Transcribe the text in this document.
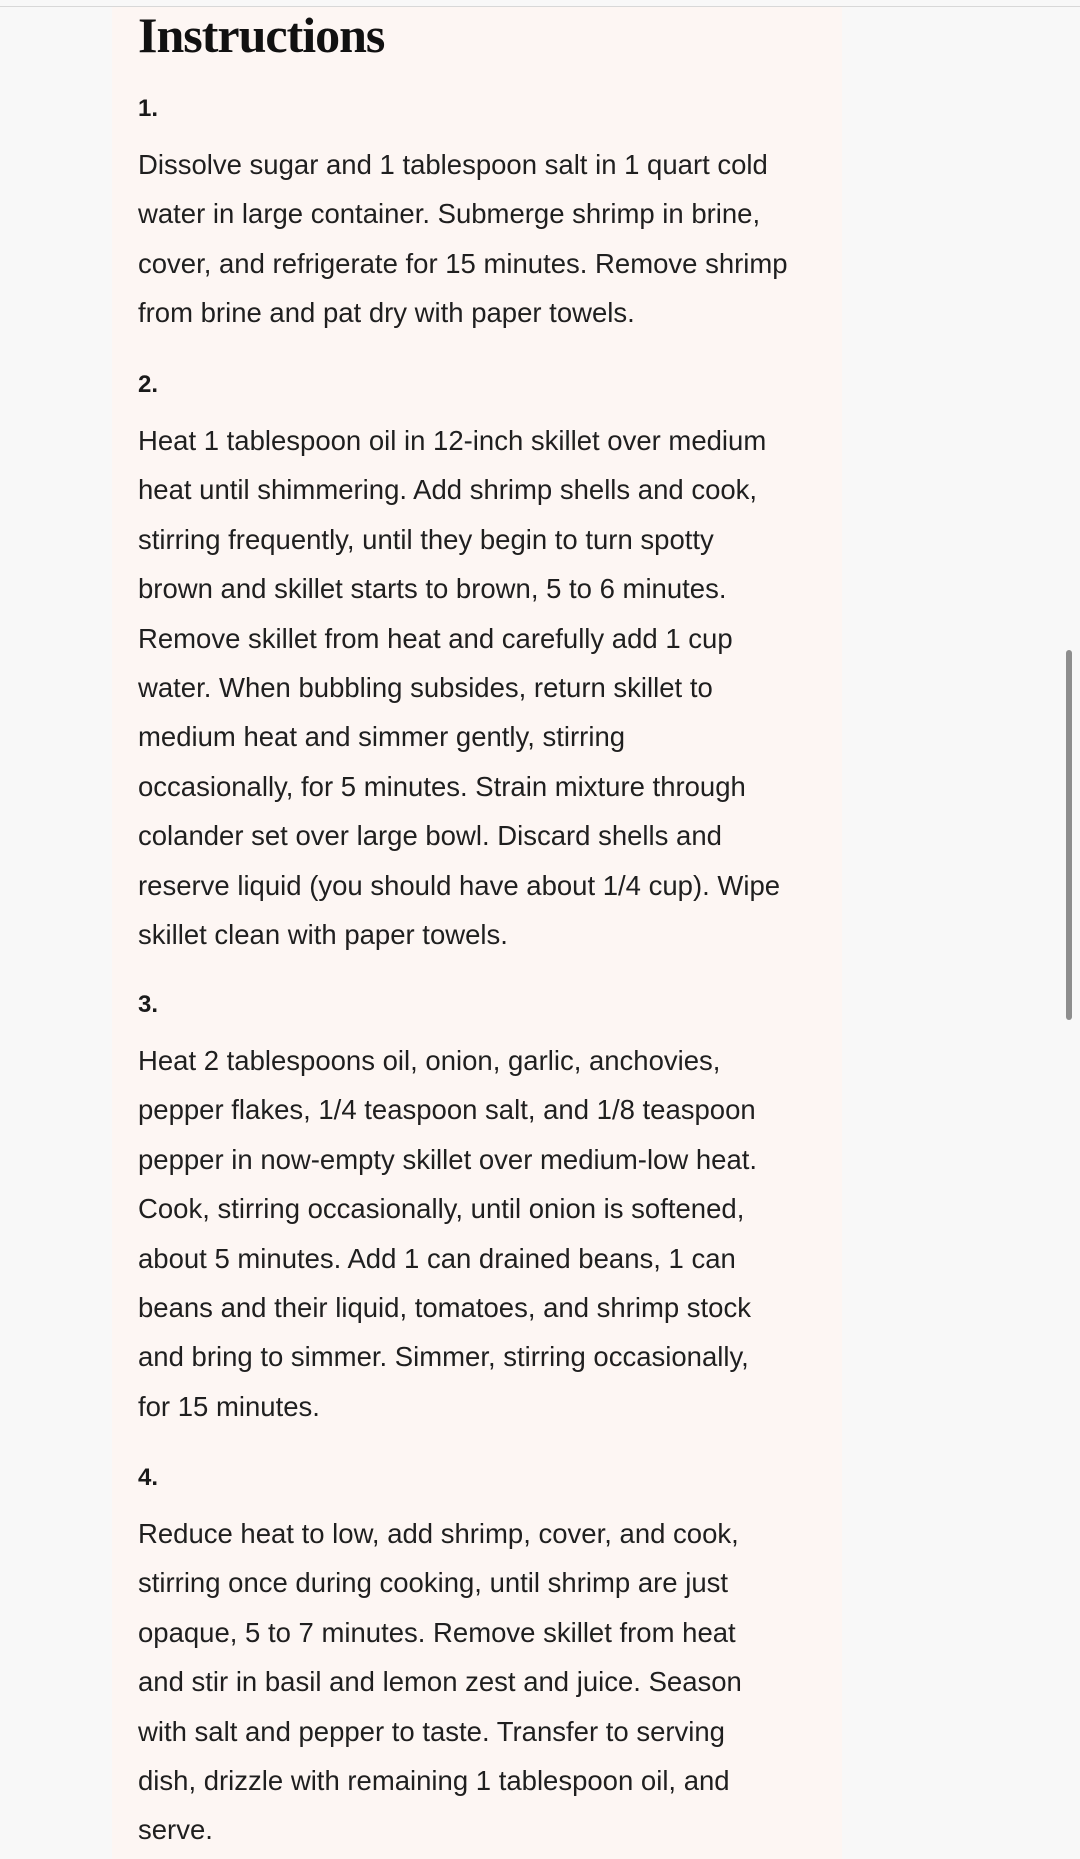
Instructions
1.
Dissolve sugar and 1 tablespoon salt in 1 quart cold
water in large container. Submerge shrimp in brine,
cover, and refrigerate for 15 minutes. Remove shrimp
from brine and pat dry with paper towels.
2.
Heat 1 tablespoon oil in 12-inch skillet over medium
heat until shimmering. Add shrimp shells and cook,
stirring frequently, until they begin to turn spotty
brown and skillet starts to brown, 5 to 6 minutes.
Remove skillet from heat and carefully add 1 cup
water. When bubbling subsides, return skillet to
medium heat and simmer gently, stirring
occasionally, for 5 minutes. Strain mixture through
colander set over large bowl. Discard shells and
reserve liquid (you should have about 1/4 cup). Wipe
skillet clean with paper towels.
3.
Heat 2 tablespoons oil, onion, garlic, anchovies,
pepper flakes, 1/4 teaspoon salt, and 1/8 teaspoon
pepper in now-empty skillet over medium-low heat.
Cook, stirring occasionally, until onion is softened,
about 5 minutes. Add 1 can drained beans, 1 can
beans and their liquid, tomatoes, and shrimp stock
and bring to simmer. Simmer, stirring occasionally,
for 15 minutes.
4.
Reduce heat to low, add shrimp, cover, and cook,
stirring once during cooking, until shrimp are just
opaque, 5 to 7 minutes. Remove skillet from heat
and stir in basil and lemon zest and juice. Season
with salt and pepper to taste. Transfer to serving
dish, drizzle with remaining 1 tablespoon oil, and
serve.
